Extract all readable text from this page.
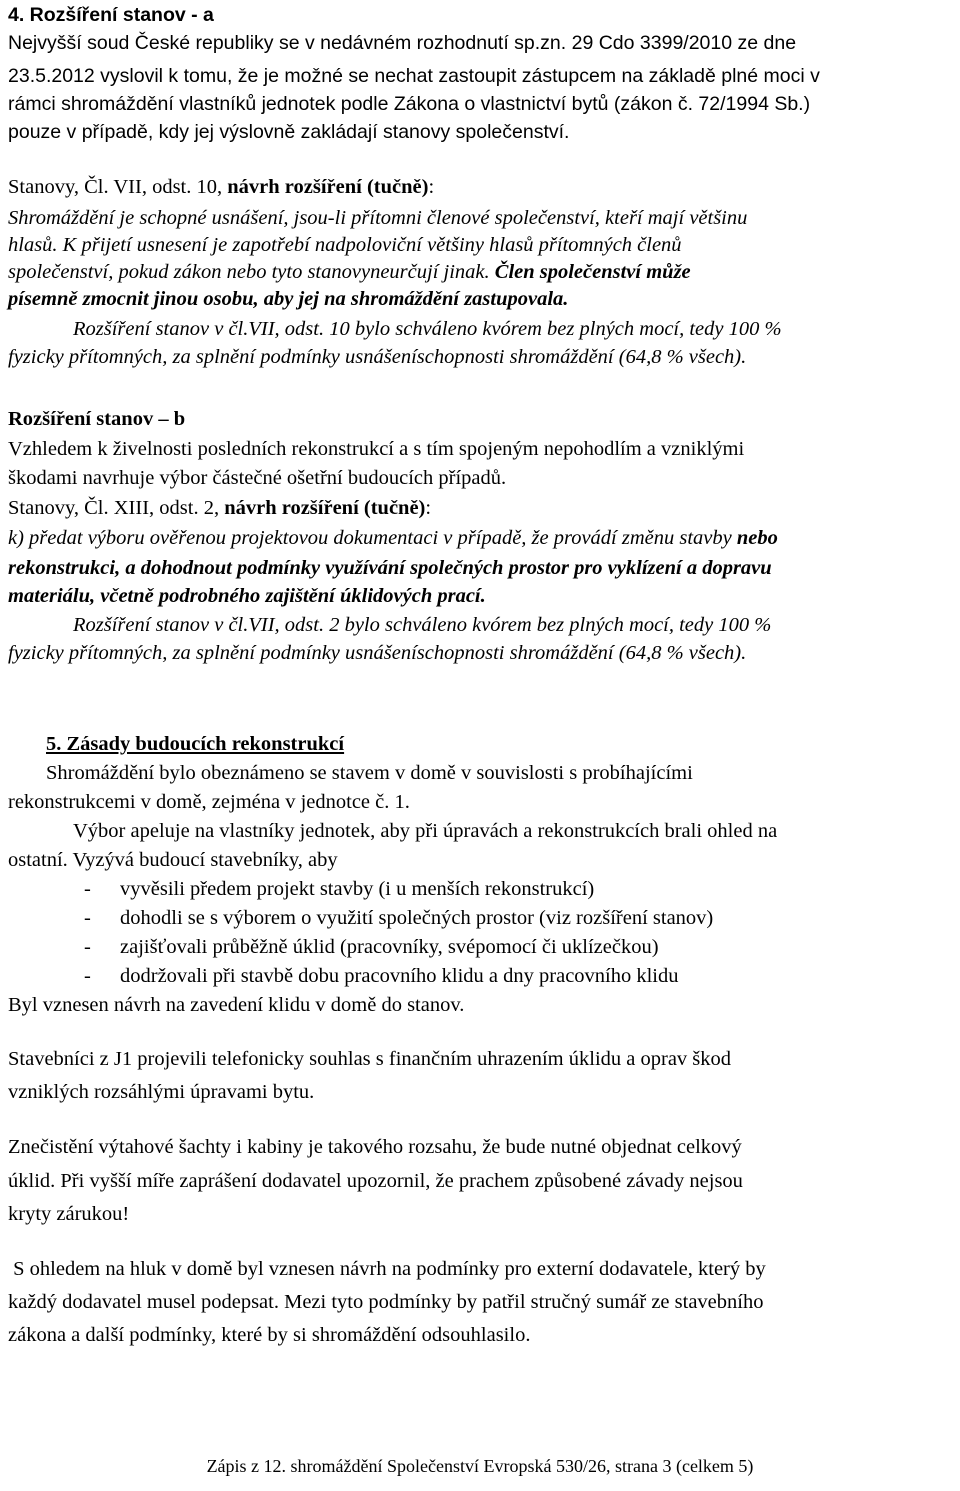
4. Rozšíření stanov - a
Nejvyšší soud České republiky se v nedávném rozhodnutí sp.zn. 29 Cdo 3399/2010 ze dne
23.5.2012 vyslovil k tomu, že je možné se nechat zastoupit zástupcem na základě plné moci v
rámci shromáždění vlastníků jednotek podle Zákona o vlastnictví bytů (zákon č. 72/1994 Sb.)
pouze v případě, kdy jej výslovně zakládají stanovy společenství.
Stanovy, Čl. VII, odst. 10, návrh rozšíření (tučně):
Shromáždění je schopné usnášení, jsou-li přítomni členové společenství, kteří mají většinu
hlasů. K přijetí usnesení je zapotřebí nadpoloviční většiny hlasů přítomných členů
společenství, pokud zákon nebo tyto stanovyneurčují jinak. Člen společenství může
písemně zmocnit jinou osobu, aby jej na shromáždění zastupovala.
Rozšíření stanov v čl.VII, odst. 10 bylo schváleno kvórem bez plných mocí, tedy 100 %
fyzicky přítomných, za splnění podmínky usnášeníschopnosti shromáždění (64,8 % všech).
Rozšíření stanov – b
Vzhledem k živelnosti posledních rekonstrukcí a s tím spojeným nepohodlím a vzniklými
škodami navrhuje výbor částečné ošetřní budoucích případů.
Stanovy, Čl. XIII, odst. 2, návrh rozšíření (tučně):
k) předat výboru ověřenou projektovou dokumentaci v případě, že provádí změnu stavby nebo
rekonstrukci, a dohodnout podmínky využívání společných prostor pro vyklízení a dopravu
materiálu, včetně podrobného zajištění úklidových prací.
Rozšíření stanov v čl.VII, odst. 2 bylo schváleno kvórem bez plných mocí, tedy 100 %
fyzicky přítomných, za splnění podmínky usnášeníschopnosti shromáždění (64,8 % všech).
5. Zásady budoucích rekonstrukcí
Shromáždění bylo obeznámeno se stavem v domě v souvislosti s probíhajícími
rekonstrukcemi v domě, zejména v jednotce č. 1.
Výbor apeluje na vlastníky jednotek, aby při úpravách a rekonstrukcích brali ohled na
ostatní. Vyzývá budoucí stavebníky, aby
- vyvěsili předem projekt stavby (i u menších rekonstrukcí)
- dohodli se s výborem o využití společných prostor (viz rozšíření stanov)
- zajišťovali průběžně úklid (pracovníky, svépomocí či uklízečkou)
- dodržovali při stavbě dobu pracovního klidu a dny pracovního klidu
Byl vznesen návrh na zavedení klidu v domě do stanov.
Stavebníci z J1 projevili telefonicky souhlas s finančním uhrazením úklidu a oprav škod
vzniklých rozsáhlými úpravami bytu.
Znečistění výtahové šachty i kabiny je takového rozsahu, že bude nutné objednat celkový
úklid. Při vyšší míře zaprášení dodavatel upozornil, že prachem způsobené závady nejsou
kryty zárukou!
S ohledem na hluk v domě byl vznesen návrh na podmínky pro externí dodavatele, který by
každý dodavatel musel podepsat. Mezi tyto podmínky by patřil stručný sumář ze stavebního
zákona a další podmínky, které by si shromáždění odsouhlasilo.
Zápis z 12. shromáždění Společenství Evropská 530/26, strana 3 (celkem 5)
